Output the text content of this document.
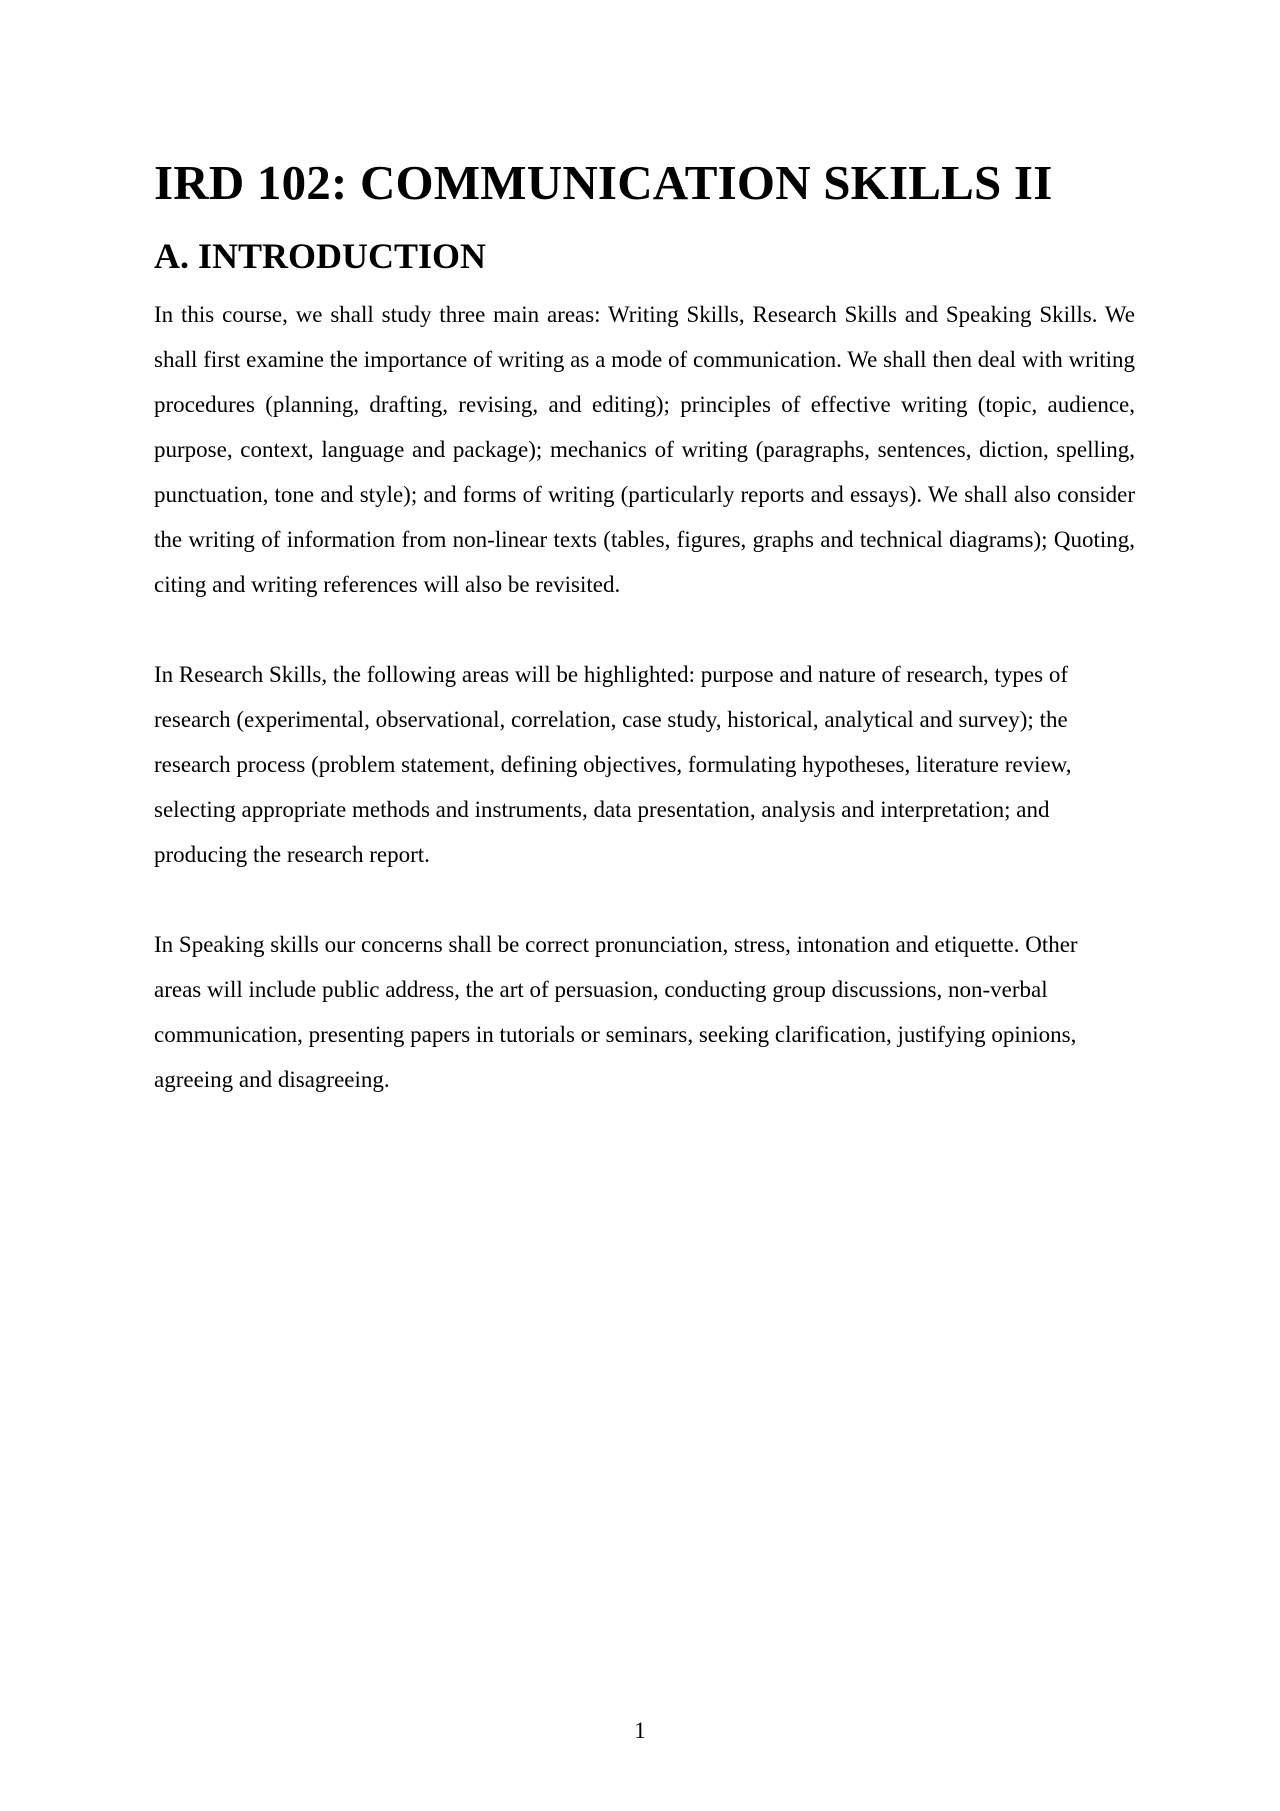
IRD 102: COMMUNICATION SKILLS II
A. INTRODUCTION

In this course, we shall study three main areas: Writing Skills, Research Skills and Speaking Skills. We shall first examine the importance of writing as a mode of communication. We shall then deal with writing procedures (planning, drafting, revising, and editing); principles of effective writing (topic, audience, purpose, context, language and package); mechanics of writing (paragraphs, sentences, diction, spelling, punctuation, tone and style); and forms of writing (particularly reports and essays). We shall also consider the writing of information from non-linear texts (tables, figures, graphs and technical diagrams); Quoting, citing and writing references will also be revisited.

In Research Skills, the following areas will be highlighted: purpose and nature of research, types of research (experimental, observational, correlation, case study, historical, analytical and survey); the research process (problem statement, defining objectives, formulating hypotheses, literature review, selecting appropriate methods and instruments, data presentation, analysis and interpretation; and producing the research report.

In Speaking skills our concerns shall be correct pronunciation, stress, intonation and etiquette. Other areas will include public address, the art of persuasion, conducting group discussions, non-verbal communication, presenting papers in tutorials or seminars, seeking clarification, justifying opinions, agreeing and disagreeing.

1
